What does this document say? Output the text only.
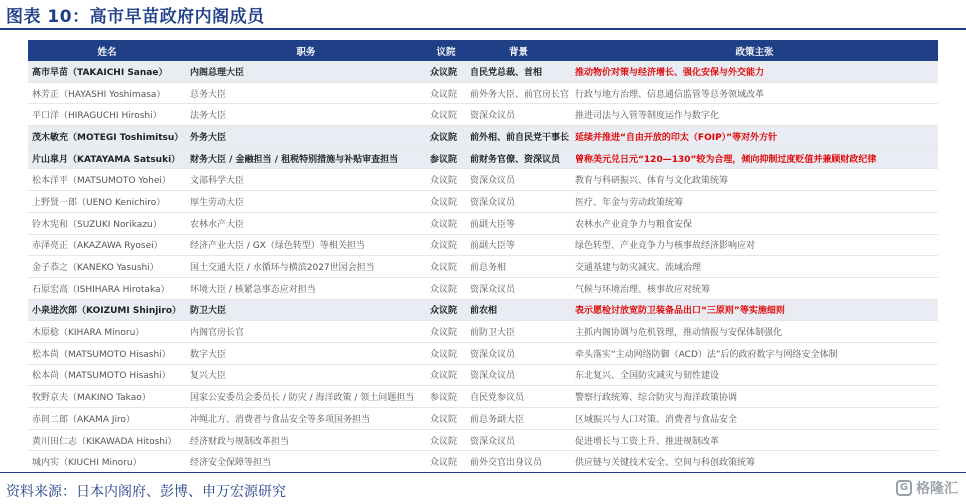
图表 10：高市早苗政府内阁成员
姓名	职务	议院	背景	政策主张
高市早苗（TAKAICHI Sanae）	内阁总理大臣	众议院	自民党总裁、首相	推动物价对策与经济增长、强化安保与外交能力
林芳正（HAYASHI Yoshimasa）	总务大臣	众议院	前外务大臣、前官房长官	行政与地方治理、信息通信监管等总务领域改革
平口洋（HIRAGUCHI Hiroshi）	法务大臣	众议院	资深众议员	推进司法与入管等制度运作与数字化
茂木敏充（MOTEGI Toshimitsu）	外务大臣	众议院	前外相、前自民党干事长	延续并推进“自由开放的印太（FOIP）”等对外方针
片山皐月（KATAYAMA Satsuki）	财务大臣 / 金融担当 / 租税特别措施与补贴审查担当	参议院	前财务官僚、资深议员	曾称美元兑日元“120—130”较为合理，倾向抑制过度贬值并兼顾财政纪律
松本洋平（MATSUMOTO Yohei）	文部科学大臣	众议院	资深众议员	教育与科研振兴、体育与文化政策统筹
上野贤一郎（UENO Kenichiro）	厚生劳动大臣	众议院	资深众议员	医疗、年金与劳动政策统筹
铃木宪和（SUZUKI Norikazu）	农林水产大臣	众议院	前副大臣等	农林水产业竞争力与粮食安保
赤泽亮正（AKAZAWA Ryosei）	经济产业大臣 / GX（绿色转型）等相关担当	众议院	前副大臣等	绿色转型、产业竞争力与核事故经济影响应对
金子恭之（KANEKO Yasushi）	国土交通大臣 / 水循环与横滨2027世园会担当	众议院	前总务相	交通基建与防灾减灾、流域治理
石原宏高（ISHIHARA Hirotaka）	环境大臣 / 核紧急事态应对担当	众议院	资深众议员	气候与环境治理、核事故应对统筹
小泉进次郎（KOIZUMI Shinjiro）	防卫大臣	众议院	前农相	表示愿检讨放宽防卫装备品出口“三原则”等实施细则
木原稔（KIHARA Minoru）	内阁官房长官	众议院	前防卫大臣	主抓内阁协调与危机管理，推动情报与安保体制强化
松本尚（MATSUMOTO Hisashi）	数字大臣	众议院	资深众议员	牵头落实“主动网络防御（ACD）法”后的政府数字与网络安全体制
松本尚（MATSUMOTO Hisashi）	复兴大臣	众议院	资深众议员	东北复兴、全国防灾减灾与韧性建设
牧野京夫（MAKINO Takao）	国家公安委员会委员长 / 防灾 / 海洋政策 / 领土问题担当	参议院	自民党参议员	警察行政统筹、综合防灾与海洋政策协调
赤间二郎（AKAMA Jiro）	冲绳北方、消费者与食品安全等多项国务担当	众议院	前总务副大臣	区域振兴与人口对策、消费者与食品安全
黄川田仁志（KIKAWADA Hitoshi）	经济财政与规制改革担当	众议院	资深众议员	促进增长与工资上升、推进规制改革
城内实（KIUCHI Minoru）	经济安全保障等担当	众议院	前外交官出身议员	供应链与关键技术安全、空间与科创政策统筹
资料来源：日本内阁府、彭博、申万宏源研究	G 格隆汇
